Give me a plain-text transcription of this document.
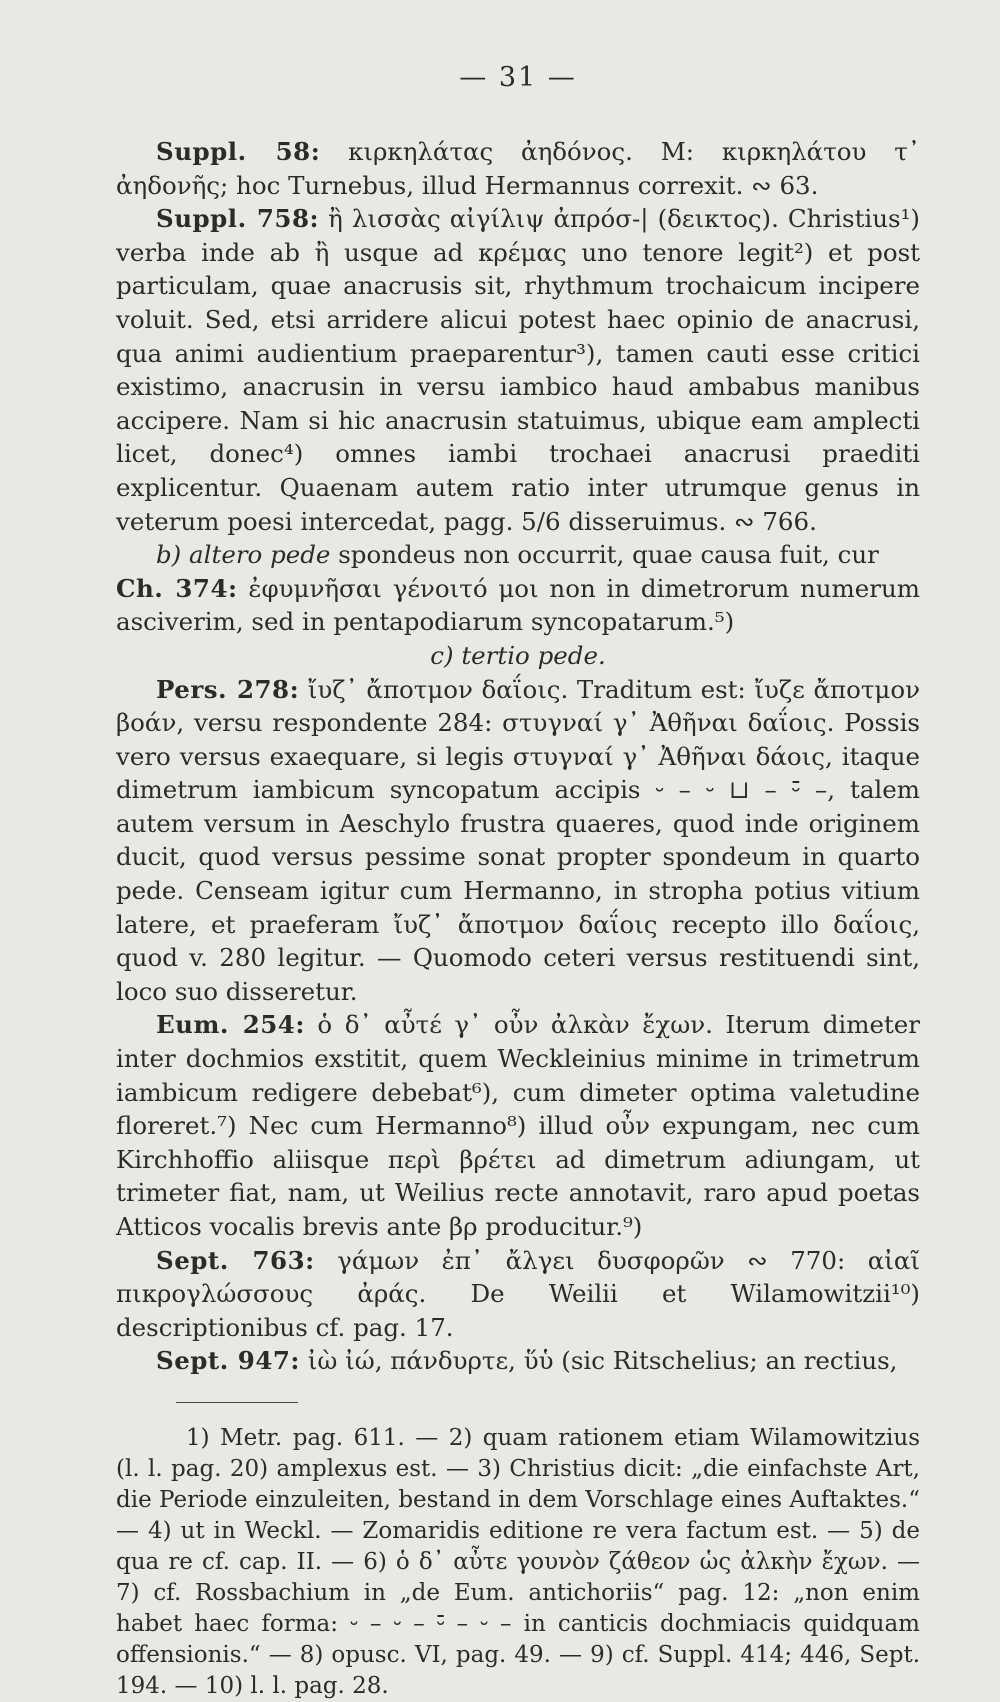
— 31 —

Suppl. 58: κιρκηλάτας ἀηδόνος. M: κιρκηλάτου τ᾽ ἀηδονῆς; hoc Turnebus, illud Hermannus correxit. ∾ 63.

Suppl. 758: ἢ λισσὰς αἰγίλιψ ἀπρόσ-| (δεικτος). Christius¹) verba inde ab ἢ usque ad κρέμας uno tenore legit²) et post particulam, quae anacrusis sit, rhythmum trochaicum incipere voluit. Sed, etsi arridere alicui potest haec opinio de anacrusi, qua animi audientium praeparentur³), tamen cauti esse critici existimo, anacrusin in versu iambico haud ambabus manibus accipere. Nam si hic anacrusin statuimus, ubique eam amplecti licet, donec⁴) omnes iambi trochaei anacrusi praediti explicentur. Quaenam autem ratio inter utrumque genus in veterum poesi intercedat, pagg. 5/6 disseruimus. ∾ 766.

b) altero pede spondeus non occurrit, quae causa fuit, cur

Ch. 374: ἐφυμνῆσαι γένοιτό μοι non in dimetrorum numerum asciverim, sed in pentapodiarum syncopatarum.⁵)

c) tertio pede.

Pers. 278: ἴυζ᾽ ἄποτμον δαΐοις. Traditum est: ἴυζε ἄποτμον βοάν, versu respondente 284: στυγναί γ᾽ Ἀθῆναι δαΐοις. Possis vero versus exaequare, si legis στυγναί γ᾽ Ἀθῆναι δάοις, itaque dimetrum iambicum syncopatum accipis ⏑ – ⏑ ⊔ – ⏑̄ –, talem autem versum in Aeschylo frustra quaeres, quod inde originem ducit, quod versus pessime sonat propter spondeum in quarto pede. Censeam igitur cum Hermanno, in stropha potius vitium latere, et praeferam ἴυζ᾽ ἄποτμον δαΐοις recepto illo δαΐοις, quod v. 280 legitur. — Quomodo ceteri versus restituendi sint, loco suo disseretur.

Eum. 254: ὁ δ᾽ αὖτέ γ᾽ οὖν ἀλκὰν ἔχων. Iterum dimeter inter dochmios exstitit, quem Weckleinius minime in trimetrum iambicum redigere debebat⁶), cum dimeter optima valetudine floreret.⁷) Nec cum Hermanno⁸) illud οὖν expungam, nec cum Kirchhoffio aliisque περὶ βρέτει ad dimetrum adiungam, ut trimeter fiat, nam, ut Weilius recte annotavit, raro apud poetas Atticos vocalis brevis ante βρ producitur.⁹)

Sept. 763: γάμων ἐπ᾽ ἄλγει δυσφορῶν ∾ 770: αἰαῖ πικρογλώσσους ἀράς. De Weilii et Wilamowitzii¹⁰) descriptionibus cf. pag. 17.

Sept. 947: ἰὼ ἰώ, πάνδυρτε, ὕὑ (sic Ritschelius; an rectius,

1) Metr. pag. 611. — 2) quam rationem etiam Wilamowitzius (l. l. pag. 20) amplexus est. — 3) Christius dicit: „die einfachste Art, die Periode einzuleiten, bestand in dem Vorschlage eines Auftaktes.“ — 4) ut in Weckl. — Zomaridis editione re vera factum est. — 5) de qua re cf. cap. II. — 6) ὁ δ᾽ αὖτε γουνὸν ζάθεον ὡς ἀλκὴν ἔχων. — 7) cf. Rossbachium in „de Eum. antichoriis“ pag. 12: „non enim habet haec forma: ⏑ – ⏑ – ⏑̄ – ⏑ – in canticis dochmiacis quidquam offensionis.“ — 8) opusc. VI, pag. 49. — 9) cf. Suppl. 414; 446, Sept. 194. — 10) l. l. pag. 28.
